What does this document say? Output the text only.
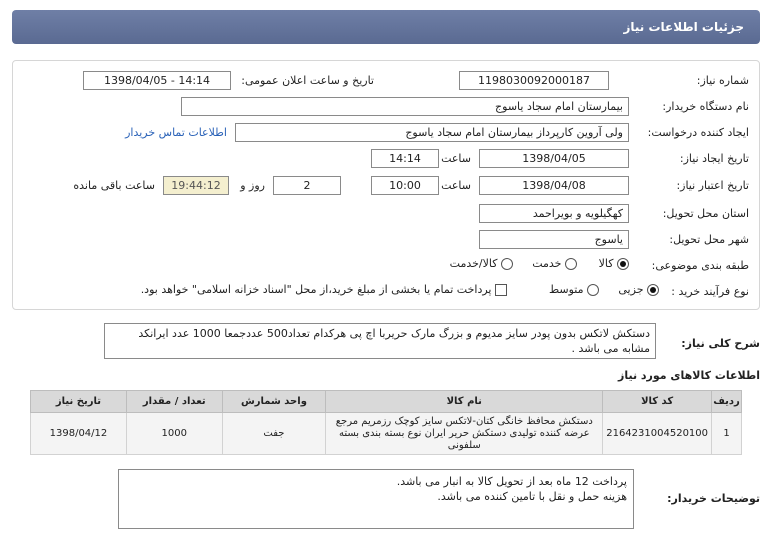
جزئیات اطلاعات نیاز
شماره نیاز:
1198030092000187
تاریخ و ساعت اعلان عمومی:
1398/04/05 - 14:14
نام دستگاه خریدار:
بیمارستان امام سجاد یاسوج
ایجاد کننده درخواست:
ولی آروین کارپرداز بیمارستان امام سجاد یاسوج
اطلاعات تماس خریدار
تاریخ ایجاد نیاز:
1398/04/05
ساعت
14:14
تاریخ اعتبار نیاز:
1398/04/08
ساعت
10:00
2
روز و
19:44:12
ساعت باقی مانده
استان محل تحویل:
کهگیلویه و بویراحمد
شهر محل تحویل:
یاسوج
طبقه بندی موضوعی:
کالا
خدمت
کالا/خدمت
نوع فرآیند خرید :
جزیی
متوسط
پرداخت تمام یا بخشی از مبلغ خرید،از محل "اسناد خزانه اسلامی" خواهد بود.
شرح کلی نیاز:
دستکش لاتکس بدون پودر سایز مدیوم و بزرگ مارک حریربا اچ پی هرکدام تعداد500 عددجمعا 1000 عدد ایرانکد مشابه می باشد .
اطلاعات کالاهای مورد نیاز
ردیف	کد کالا	نام کالا	واحد شمارش	تعداد / مقدار	تاریخ نیاز
1	2164231004520100	دستکش محافظ خانگی کتان-لاتکس سایز کوچک رزمریم مرجع عرضه کننده تولیدی دستکش حریر ایران نوع بسته بندی بسته سلفونی	جفت	1000	1398/04/12
توضیحات خریدار:
پرداخت 12 ماه بعد از تحویل کالا به انبار می باشد.
هزینه حمل و نقل با تامین کننده می باشد.
